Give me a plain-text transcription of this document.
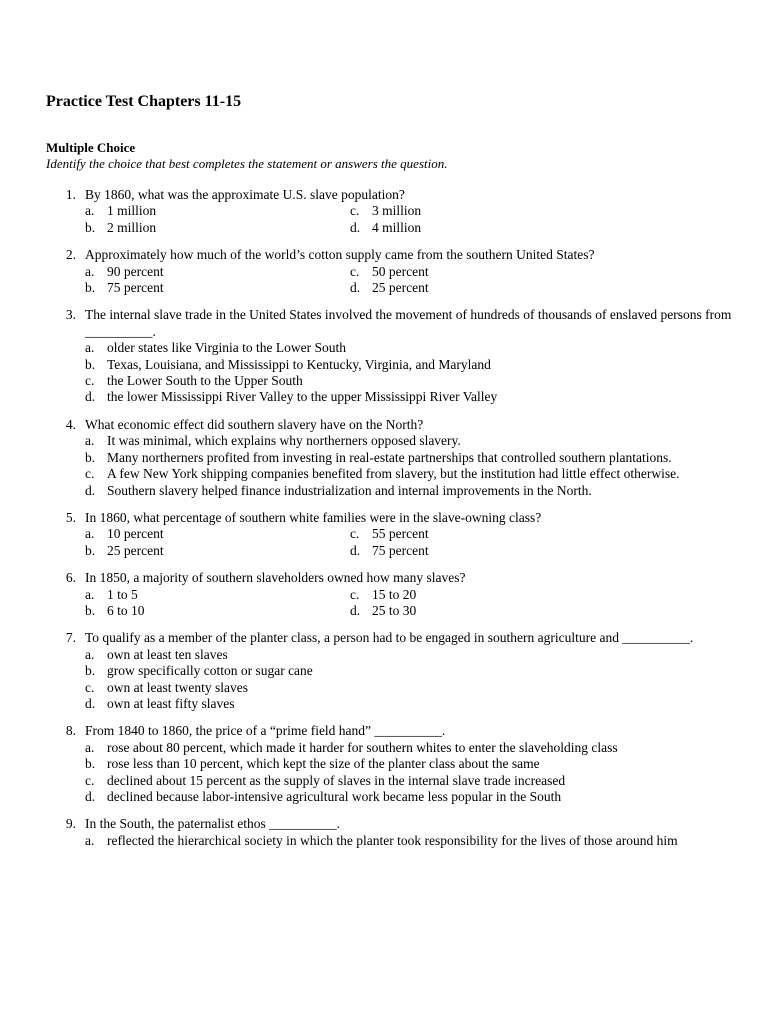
Practice Test Chapters 11-15
Multiple Choice
Identify the choice that best completes the statement or answers the question.
1. By 1860, what was the approximate U.S. slave population?
a. 1 million	c. 3 million
b. 2 million	d. 4 million
2. Approximately how much of the world’s cotton supply came from the southern United States?
a. 90 percent	c. 50 percent
b. 75 percent	d. 25 percent
3. The internal slave trade in the United States involved the movement of hundreds of thousands of enslaved persons from __________.
a. older states like Virginia to the Lower South
b. Texas, Louisiana, and Mississippi to Kentucky, Virginia, and Maryland
c. the Lower South to the Upper South
d. the lower Mississippi River Valley to the upper Mississippi River Valley
4. What economic effect did southern slavery have on the North?
a. It was minimal, which explains why northerners opposed slavery.
b. Many northerners profited from investing in real-estate partnerships that controlled southern plantations.
c. A few New York shipping companies benefited from slavery, but the institution had little effect otherwise.
d. Southern slavery helped finance industrialization and internal improvements in the North.
5. In 1860, what percentage of southern white families were in the slave-owning class?
a. 10 percent	c. 55 percent
b. 25 percent	d. 75 percent
6. In 1850, a majority of southern slaveholders owned how many slaves?
a. 1 to 5	c. 15 to 20
b. 6 to 10	d. 25 to 30
7. To qualify as a member of the planter class, a person had to be engaged in southern agriculture and __________.
a. own at least ten slaves
b. grow specifically cotton or sugar cane
c. own at least twenty slaves
d. own at least fifty slaves
8. From 1840 to 1860, the price of a “prime field hand” __________.
a. rose about 80 percent, which made it harder for southern whites to enter the slaveholding class
b. rose less than 10 percent, which kept the size of the planter class about the same
c. declined about 15 percent as the supply of slaves in the internal slave trade increased
d. declined because labor-intensive agricultural work became less popular in the South
9. In the South, the paternalist ethos __________.
a. reflected the hierarchical society in which the planter took responsibility for the lives of those around him
